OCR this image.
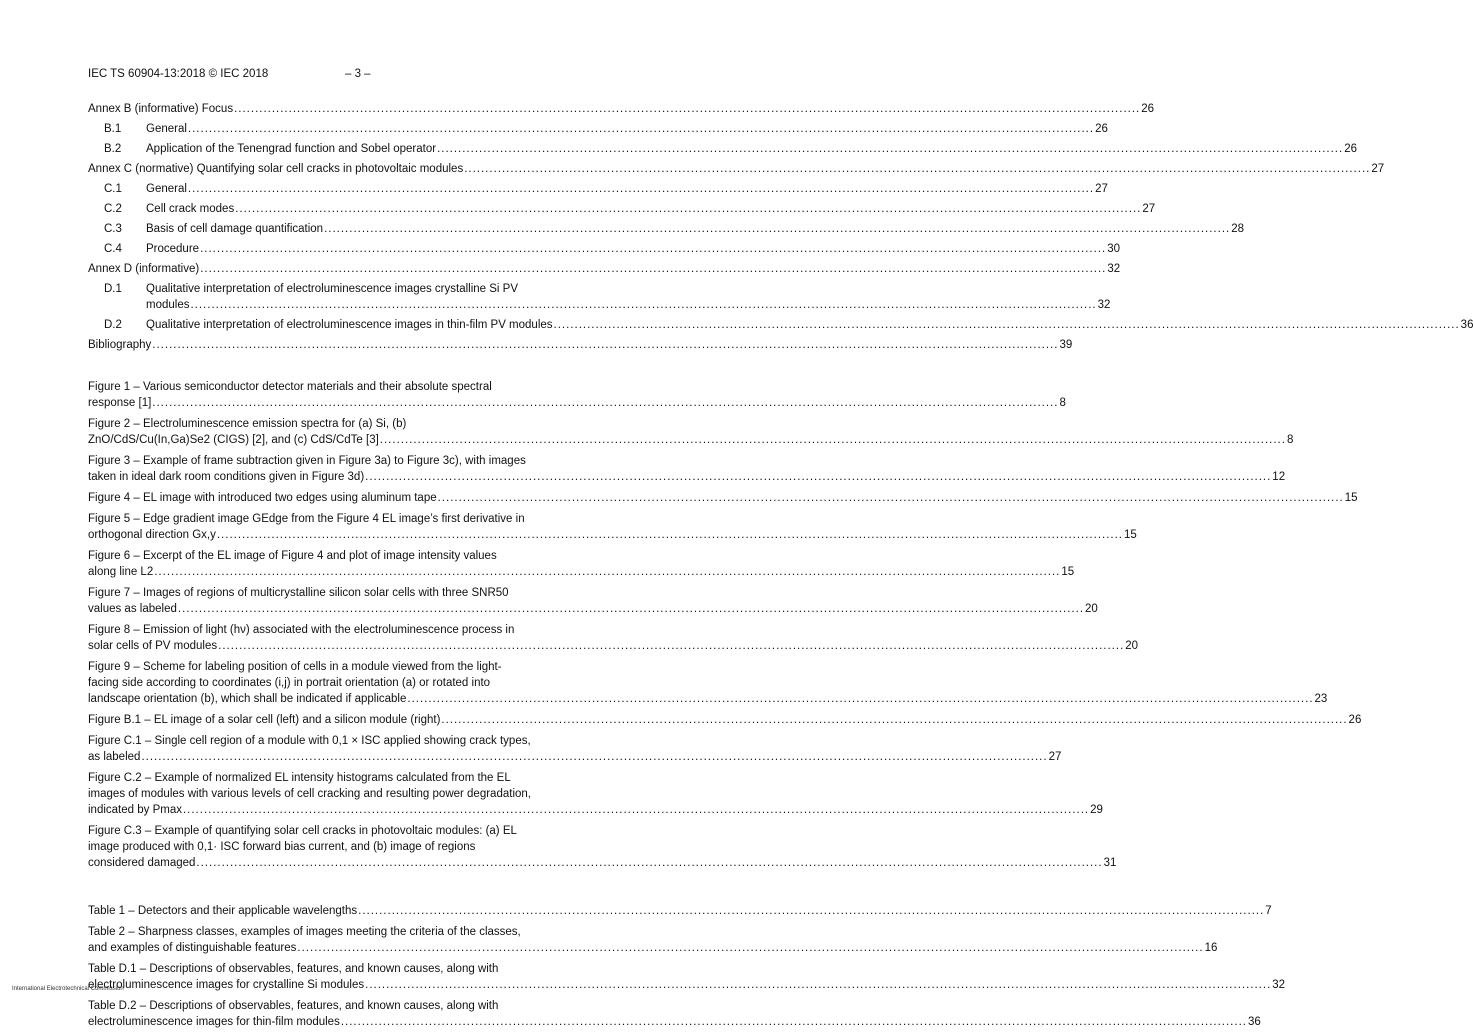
IEC TS 60904-13:2018 © IEC 2018	– 3 –
Annex B (informative) Focus .....	26
B.1	General .....	26
B.2	Application of the Tenengrad function and Sobel operator .....	26
Annex C (normative) Quantifying solar cell cracks in photovoltaic modules .....	27
C.1	General .....	27
C.2	Cell crack modes .....	27
C.3	Basis of cell damage quantification .....	28
C.4	Procedure .....	30
Annex D (informative) .....	32
D.1	Qualitative interpretation of electroluminescence images crystalline Si PV
modules .....	32
D.2	Qualitative interpretation of electroluminescence images in thin-film PV modules .....	36
Bibliography .....	39
Figure 1 – Various semiconductor detector materials and their absolute spectral
response [1] .....	8
Figure 2 – Electroluminescence emission spectra for (a) Si, (b)
ZnO/CdS/Cu(In,Ga)Se2 (CIGS) [2], and (c) CdS/CdTe [3] .....	8
Figure 3 – Example of frame subtraction given in Figure 3a) to Figure 3c), with images
taken in ideal dark room conditions given in Figure 3d) .....	12
Figure 4 – EL image with introduced two edges using aluminum tape .....	15
Figure 5 – Edge gradient image GEdge from the Figure 4 EL image’s first derivative in
orthogonal direction Gx,y .....	15
Figure 6 – Excerpt of the EL image of Figure 4 and plot of image intensity values
along line L2 .....	15
Figure 7 – Images of regions of multicrystalline silicon solar cells with three SNR50
values as labeled .....	20
Figure 8 – Emission of light (hν) associated with the electroluminescence process in
solar cells of PV modules .....	20
Figure 9 – Scheme for labeling position of cells in a module viewed from the light-
facing side according to coordinates (i,j) in portrait orientation (a) or rotated into
landscape orientation (b), which shall be indicated if applicable .....	23
Figure B.1 – EL image of a solar cell (left) and a silicon module (right) .....	26
Figure C.1 – Single cell region of a module with 0,1 × ISC applied showing crack types,
as labeled .....	27
Figure C.2 – Example of normalized EL intensity histograms calculated from the EL
images of modules with various levels of cell cracking and resulting power degradation,
indicated by Pmax .....	29
Figure C.3 – Example of quantifying solar cell cracks in photovoltaic modules: (a) EL
image produced with 0,1· ISC forward bias current, and (b) image of regions
considered damaged .....	31
Table 1 – Detectors and their applicable wavelengths .....	7
Table 2 – Sharpness classes, examples of images meeting the criteria of the classes,
and examples of distinguishable features .....	16
Table D.1 – Descriptions of observables, features, and known causes, along with
electroluminescence images for crystalline Si modules .....	32
Table D.2 – Descriptions of observables, features, and known causes, along with
electroluminescence images for thin-film modules .....	36
International Electrotechnical Commission
